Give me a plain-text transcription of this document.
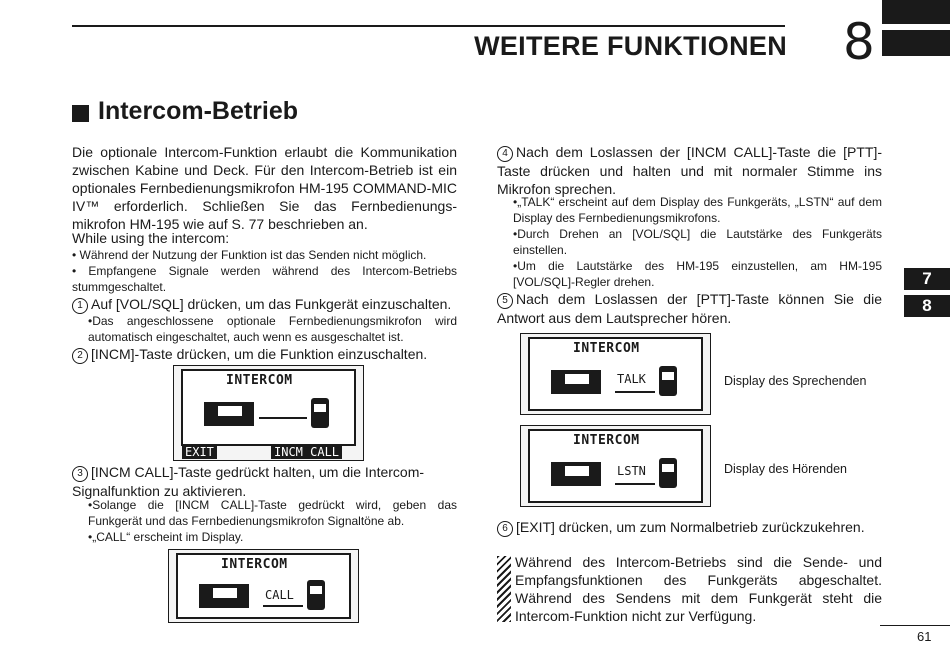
WEITERE FUNKTIONEN 8
7
8
Intercom-Betrieb
Die optionale Intercom-Funktion erlaubt die Kommunikation zwischen Kabine und Deck. Für den Intercom-Betrieb ist ein optionales Fernbedienungsmikrofon HM-195 COMMAND-MIC IV™ erforderlich. Schließen Sie das Fernbedienungs-mikrofon HM-195 wie auf S. 77 beschrieben an.
While using the intercom:
• Während der Nutzung der Funktion ist das Senden nicht möglich.
• Empfangene Signale werden während des Intercom-Betriebs stummgeschaltet.
1 Auf [VOL/SQL] drücken, um das Funkgerät einzuschalten.
•Das angeschlossene optionale Fernbedienungsmikrofon wird automatisch eingeschaltet, auch wenn es ausgeschaltet ist.
2 [INCM]-Taste drücken, um die Funktion einzuschalten.
INTERCOM
EXIT	INCM CALL
3 [INCM CALL]-Taste gedrückt halten, um die Intercom-Signalfunktion zu aktivieren.
•Solange die [INCM CALL]-Taste gedrückt wird, geben das Funkgerät und das Fernbedienungsmikrofon Signaltöne ab.
•„CALL“ erscheint im Display.
INTERCOM
CALL
4 Nach dem Loslassen der [INCM CALL]-Taste die [PTT]-Taste drücken und halten und mit normaler Stimme ins Mikrofon sprechen.
•„TALK“ erscheint auf dem Display des Funkgeräts, „LSTN“ auf dem Display des Fernbedienungsmikrofons.
•Durch Drehen an [VOL/SQL] die Lautstärke des Funkgeräts einstellen.
•Um die Lautstärke des HM-195 einzustellen, am HM-195 [VOL/SQL]-Regler drehen.
5 Nach dem Loslassen der [PTT]-Taste können Sie die Antwort aus dem Lautsprecher hören.
INTERCOM
TALK	Display des Sprechenden
INTERCOM
LSTN	Display des Hörenden
6 [EXIT] drücken, um zum Normalbetrieb zurückzukehren.
Während des Intercom-Betriebs sind die Sende- und Empfangsfunktionen des Funkgeräts abgeschaltet. Während des Sendens mit dem Funkgerät steht die Intercom-Funktion nicht zur Verfügung.
61
